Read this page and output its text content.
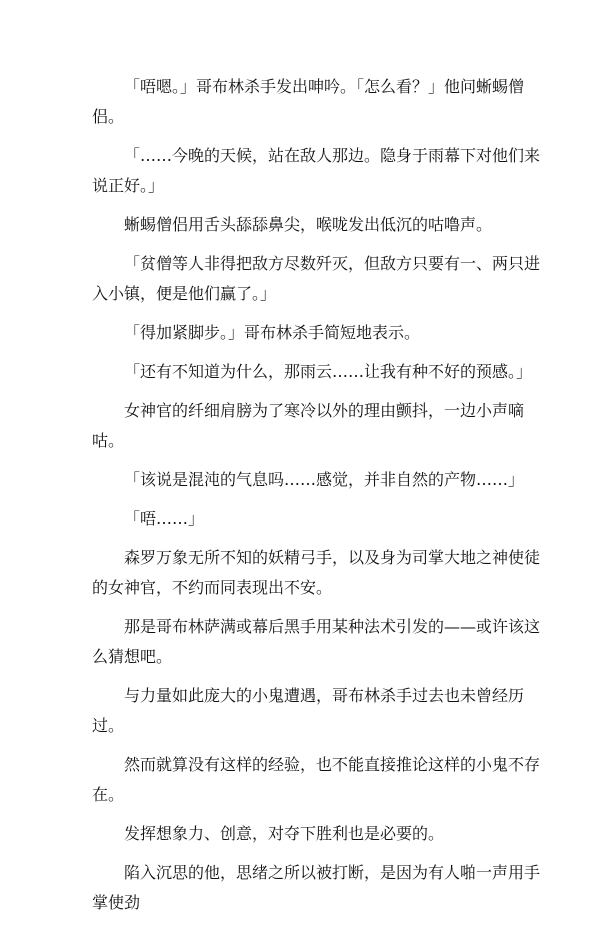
「唔嗯。」哥布林杀手发出呻吟。「怎么看？」他问蜥蜴僧侣。

「……今晚的天候，站在敌人那边。隐身于雨幕下对他们来说正好。」

蜥蜴僧侣用舌头舔舔鼻尖，喉咙发出低沉的咕噜声。

「贫僧等人非得把敌方尽数歼灭，但敌方只要有一、两只进入小镇，便是他们赢了。」

「得加紧脚步。」哥布林杀手简短地表示。

「还有不知道为什么，那雨云……让我有种不好的预感。」

女神官的纤细肩膀为了寒冷以外的理由颤抖，一边小声嘀咕。

「该说是混沌的气息吗……感觉，并非自然的产物……」

「唔……」

森罗万象无所不知的妖精弓手，以及身为司掌大地之神使徒的女神官，不约而同表现出不安。

那是哥布林萨满或幕后黑手用某种法术引发的——或许该这么猜想吧。

与力量如此庞大的小鬼遭遇，哥布林杀手过去也未曾经历过。

然而就算没有这样的经验，也不能直接推论这样的小鬼不存在。

发挥想象力、创意，对夺下胜利也是必要的。

陷入沉思的他，思绪之所以被打断，是因为有人啪一声用手掌使劲
